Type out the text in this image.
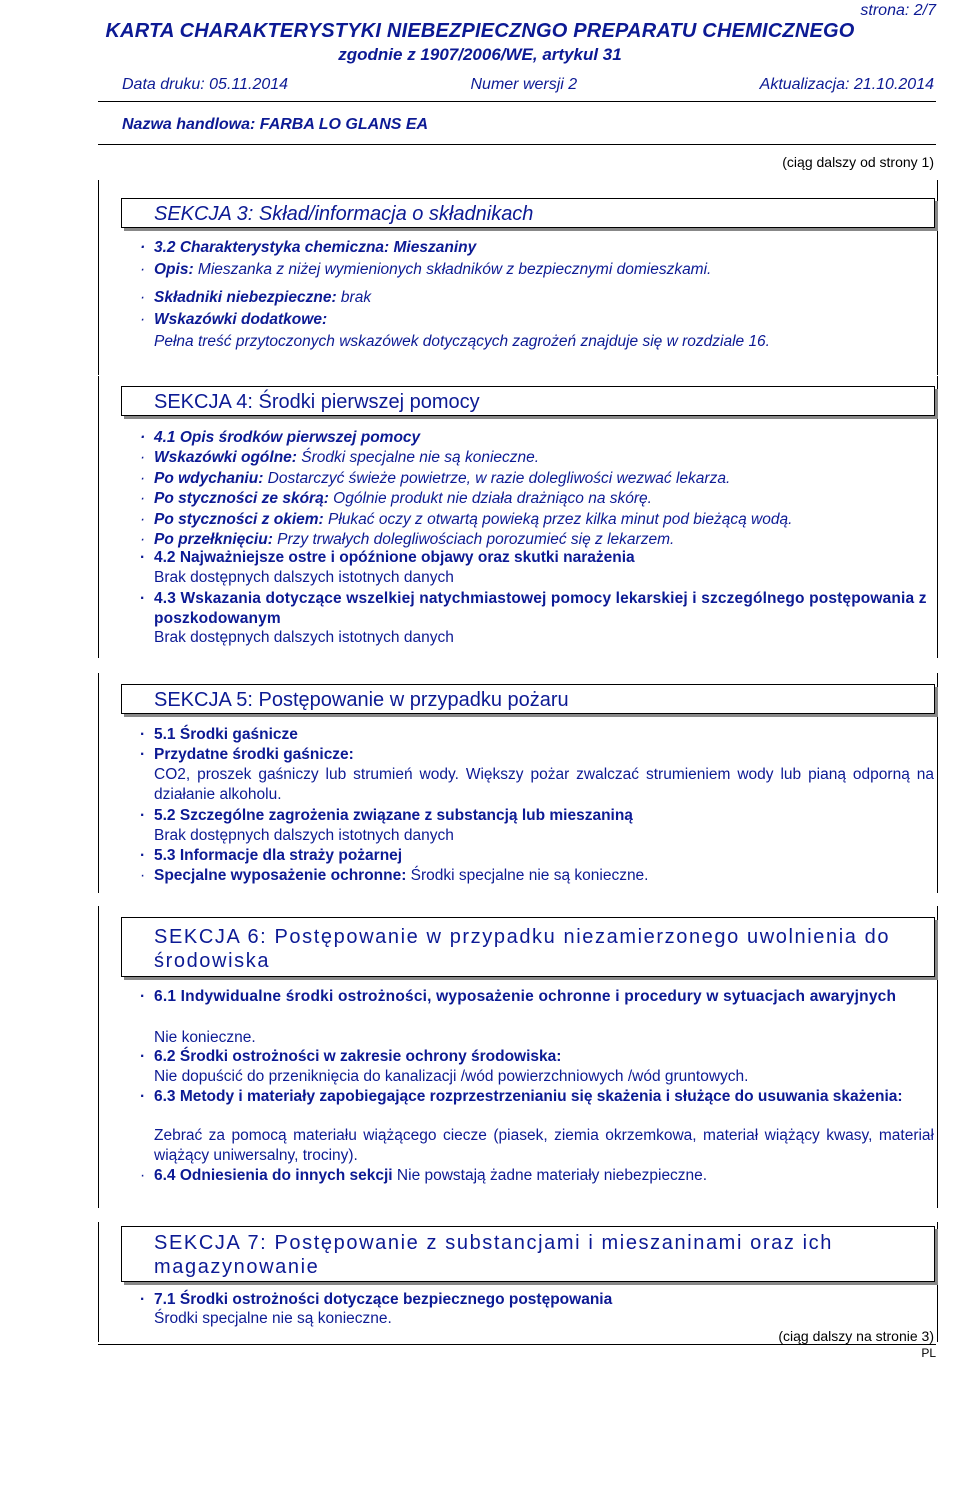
strona: 2/7
KARTA CHARAKTERYSTYKI NIEBEZPIECZNGO PREPARATU CHEMICZNEGO
zgodnie z 1907/2006/WE, artykul 31
Data druku: 05.11.2014	Numer wersji 2	Aktualizacja: 21.10.2014
Nazwa handlowa: FARBA LO GLANS EA
(ciąg dalszy od strony 1)
SEKCJA 3: Skład/informacja o składnikach
· 3.2 Charakterystyka chemiczna: Mieszaniny
· Opis: Mieszanka z niżej wymienionych składników z bezpiecznymi domieszkami.
· Składniki niebezpieczne: brak
· Wskazówki dodatkowe:
Pełna treść przytoczonych wskazówek dotyczących zagrożeń znajduje się w rozdziale 16.
SEKCJA 4: Środki pierwszej pomocy
· 4.1 Opis środków pierwszej pomocy
· Wskazówki ogólne: Środki specjalne nie są konieczne.
· Po wdychaniu: Dostarczyć świeże powietrze, w razie dolegliwości wezwać lekarza.
· Po styczności ze skórą: Ogólnie produkt nie działa drażniąco na skórę.
· Po styczności z okiem: Płukać oczy z otwartą powieką przez kilka minut pod bieżącą wodą.
· Po przełknięciu: Przy trwałych dolegliwościach porozumieć się z lekarzem.
· 4.2 Najważniejsze ostre i opóźnione objawy oraz skutki narażenia
Brak dostępnych dalszych istotnych danych
· 4.3 Wskazania dotyczące wszelkiej natychmiastowej pomocy lekarskiej i szczególnego postępowania z poszkodowanym
Brak dostępnych dalszych istotnych danych
SEKCJA 5: Postępowanie w przypadku pożaru
· 5.1 Środki gaśnicze
· Przydatne środki gaśnicze:
CO2, proszek gaśniczy lub strumień wody. Większy pożar zwalczać strumieniem wody lub pianą odporną na działanie alkoholu.
· 5.2 Szczególne zagrożenia związane z substancją lub mieszaniną
Brak dostępnych dalszych istotnych danych
· 5.3 Informacje dla straży pożarnej
· Specjalne wyposażenie ochronne: Środki specjalne nie są konieczne.
SEKCJA 6: Postępowanie w przypadku niezamierzonego uwolnienia do środowiska
· 6.1 Indywidualne środki ostrożności, wyposażenie ochronne i procedury w sytuacjach awaryjnych
Nie konieczne.
· 6.2 Środki ostrożności w zakresie ochrony środowiska:
Nie dopuścić do przeniknięcia do kanalizacji /wód powierzchniowych /wód gruntowych.
· 6.3 Metody i materiały zapobiegające rozprzestrzenianiu się skażenia i służące do usuwania skażenia:
Zebrać za pomocą materiału wiążącego ciecze (piasek, ziemia okrzemkowa, materiał wiążący kwasy, materiał wiążący uniwersalny, trociny).
· 6.4 Odniesienia do innych sekcji Nie powstają żadne materiały niebezpieczne.
SEKCJA 7: Postępowanie z substancjami i mieszaninami oraz ich magazynowanie
· 7.1 Środki ostrożności dotyczące bezpiecznego postępowania
Środki specjalne nie są konieczne.
(ciąg dalszy na stronie 3)
PL
